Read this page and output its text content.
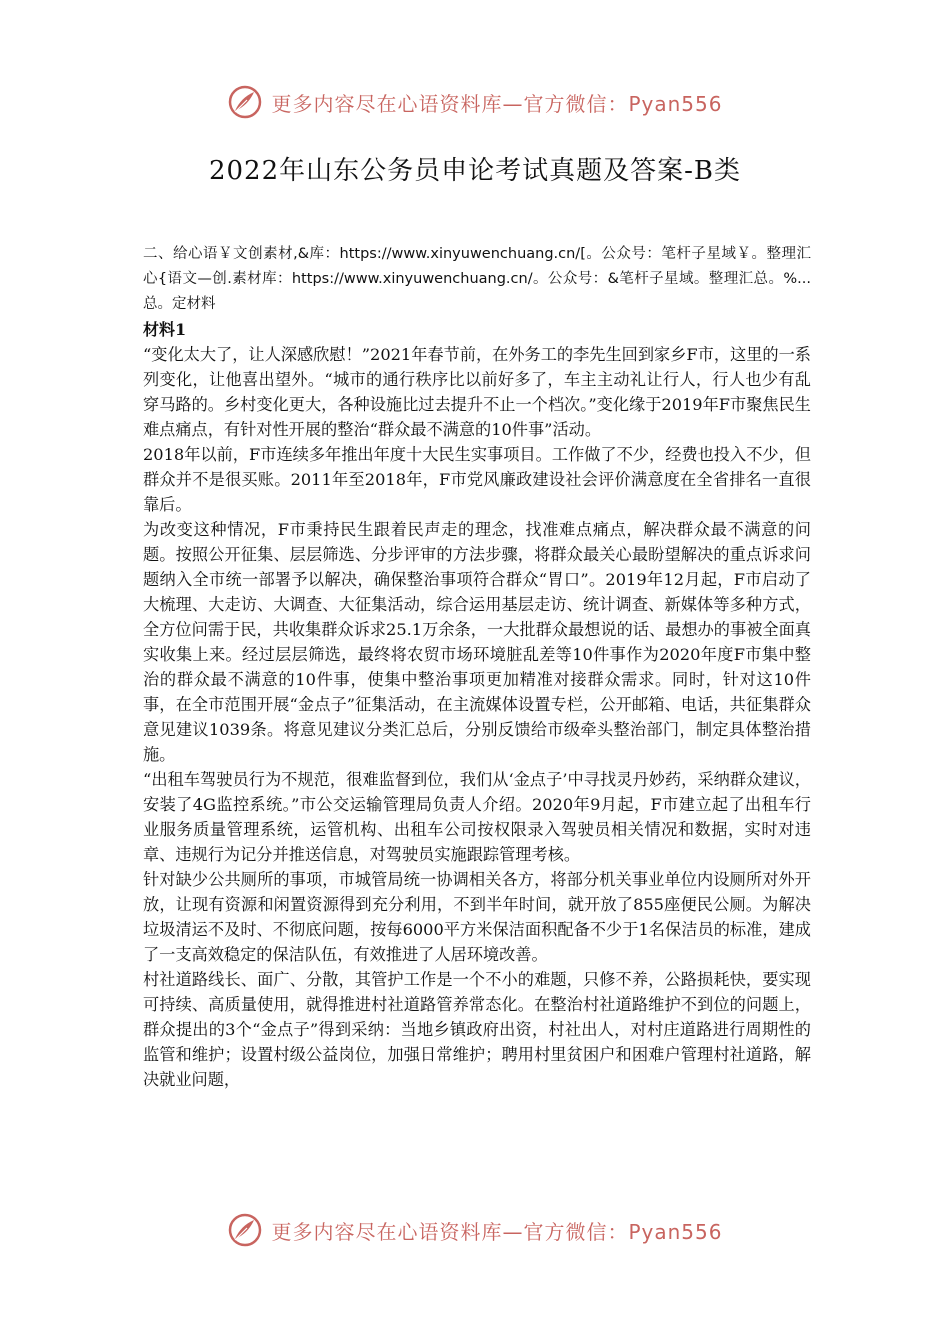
更多内容尽在心语资料库—官方微信：Pyan556
2022年山东公务员申论考试真题及答案-B类

二、给心语￥文创素材,&库：https://www.xinyuwenchuang.cn/[。公众号：笔杆子星域￥。整理汇心{语文—创.素材库：https://www.xinyuwenchuang.cn/。公众号：&笔杆子星域。整理汇总。%...总。定材料

材料1

“变化太大了，让人深感欣慰！”2021年春节前，在外务工的李先生回到家乡F市，这里的一系列变化，让他喜出望外。“城市的通行秩序比以前好多了，车主主动礼让行人，行人也少有乱穿马路的。乡村变化更大，各种设施比过去提升不止一个档次。”变化缘于2019年F市聚焦民生难点痛点，有针对性开展的整治“群众最不满意的10件事”活动。

2018年以前，F市连续多年推出年度十大民生实事项目。工作做了不少，经费也投入不少，但群众并不是很买账。2011年至2018年，F市党风廉政建设社会评价满意度在全省排名一直很靠后。

为改变这种情况，F市秉持民生跟着民声走的理念，找准难点痛点，解决群众最不满意的问题。按照公开征集、层层筛选、分步评审的方法步骤，将群众最关心最盼望解决的重点诉求问题纳入全市统一部署予以解决，确保整治事项符合群众“胃口”。2019年12月起，F市启动了大梳理、大走访、大调查、大征集活动，综合运用基层走访、统计调查、新媒体等多种方式，全方位问需于民，共收集群众诉求25.1万余条，一大批群众最想说的话、最想办的事被全面真实收集上来。经过层层筛选，最终将农贸市场环境脏乱差等10件事作为2020年度F市集中整治的群众最不满意的10件事，使集中整治事项更加精准对接群众需求。同时，针对这10件事，在全市范围开展“金点子”征集活动，在主流媒体设置专栏，公开邮箱、电话，共征集群众意见建议1039条。将意见建议分类汇总后，分别反馈给市级牵头整治部门，制定具体整治措施。

“出租车驾驶员行为不规范，很难监督到位，我们从‘金点子’中寻找灵丹妙药，采纳群众建议，安装了4G监控系统。”市公交运输管理局负责人介绍。2020年9月起，F市建立起了出租车行业服务质量管理系统，运管机构、出租车公司按权限录入驾驶员相关情况和数据，实时对违章、违规行为记分并推送信息，对驾驶员实施跟踪管理考核。

针对缺少公共厕所的事项，市城管局统一协调相关各方，将部分机关事业单位内设厕所对外开放，让现有资源和闲置资源得到充分利用，不到半年时间，就开放了855座便民公厕。为解决垃圾清运不及时、不彻底问题，按每6000平方米保洁面积配备不少于1名保洁员的标准，建成了一支高效稳定的保洁队伍，有效推进了人居环境改善。

村社道路线长、面广、分散，其管护工作是一个不小的难题，只修不养，公路损耗快，要实现可持续、高质量使用，就得推进村社道路管养常态化。在整治村社道路维护不到位的问题上，群众提出的3个“金点子”得到采纳：当地乡镇政府出资，村社出人，对村庄道路进行周期性的监管和维护；设置村级公益岗位，加强日常维护；聘用村里贫困户和困难户管理村社道路，解决就业问题，

更多内容尽在心语资料库—官方微信：Pyan556
